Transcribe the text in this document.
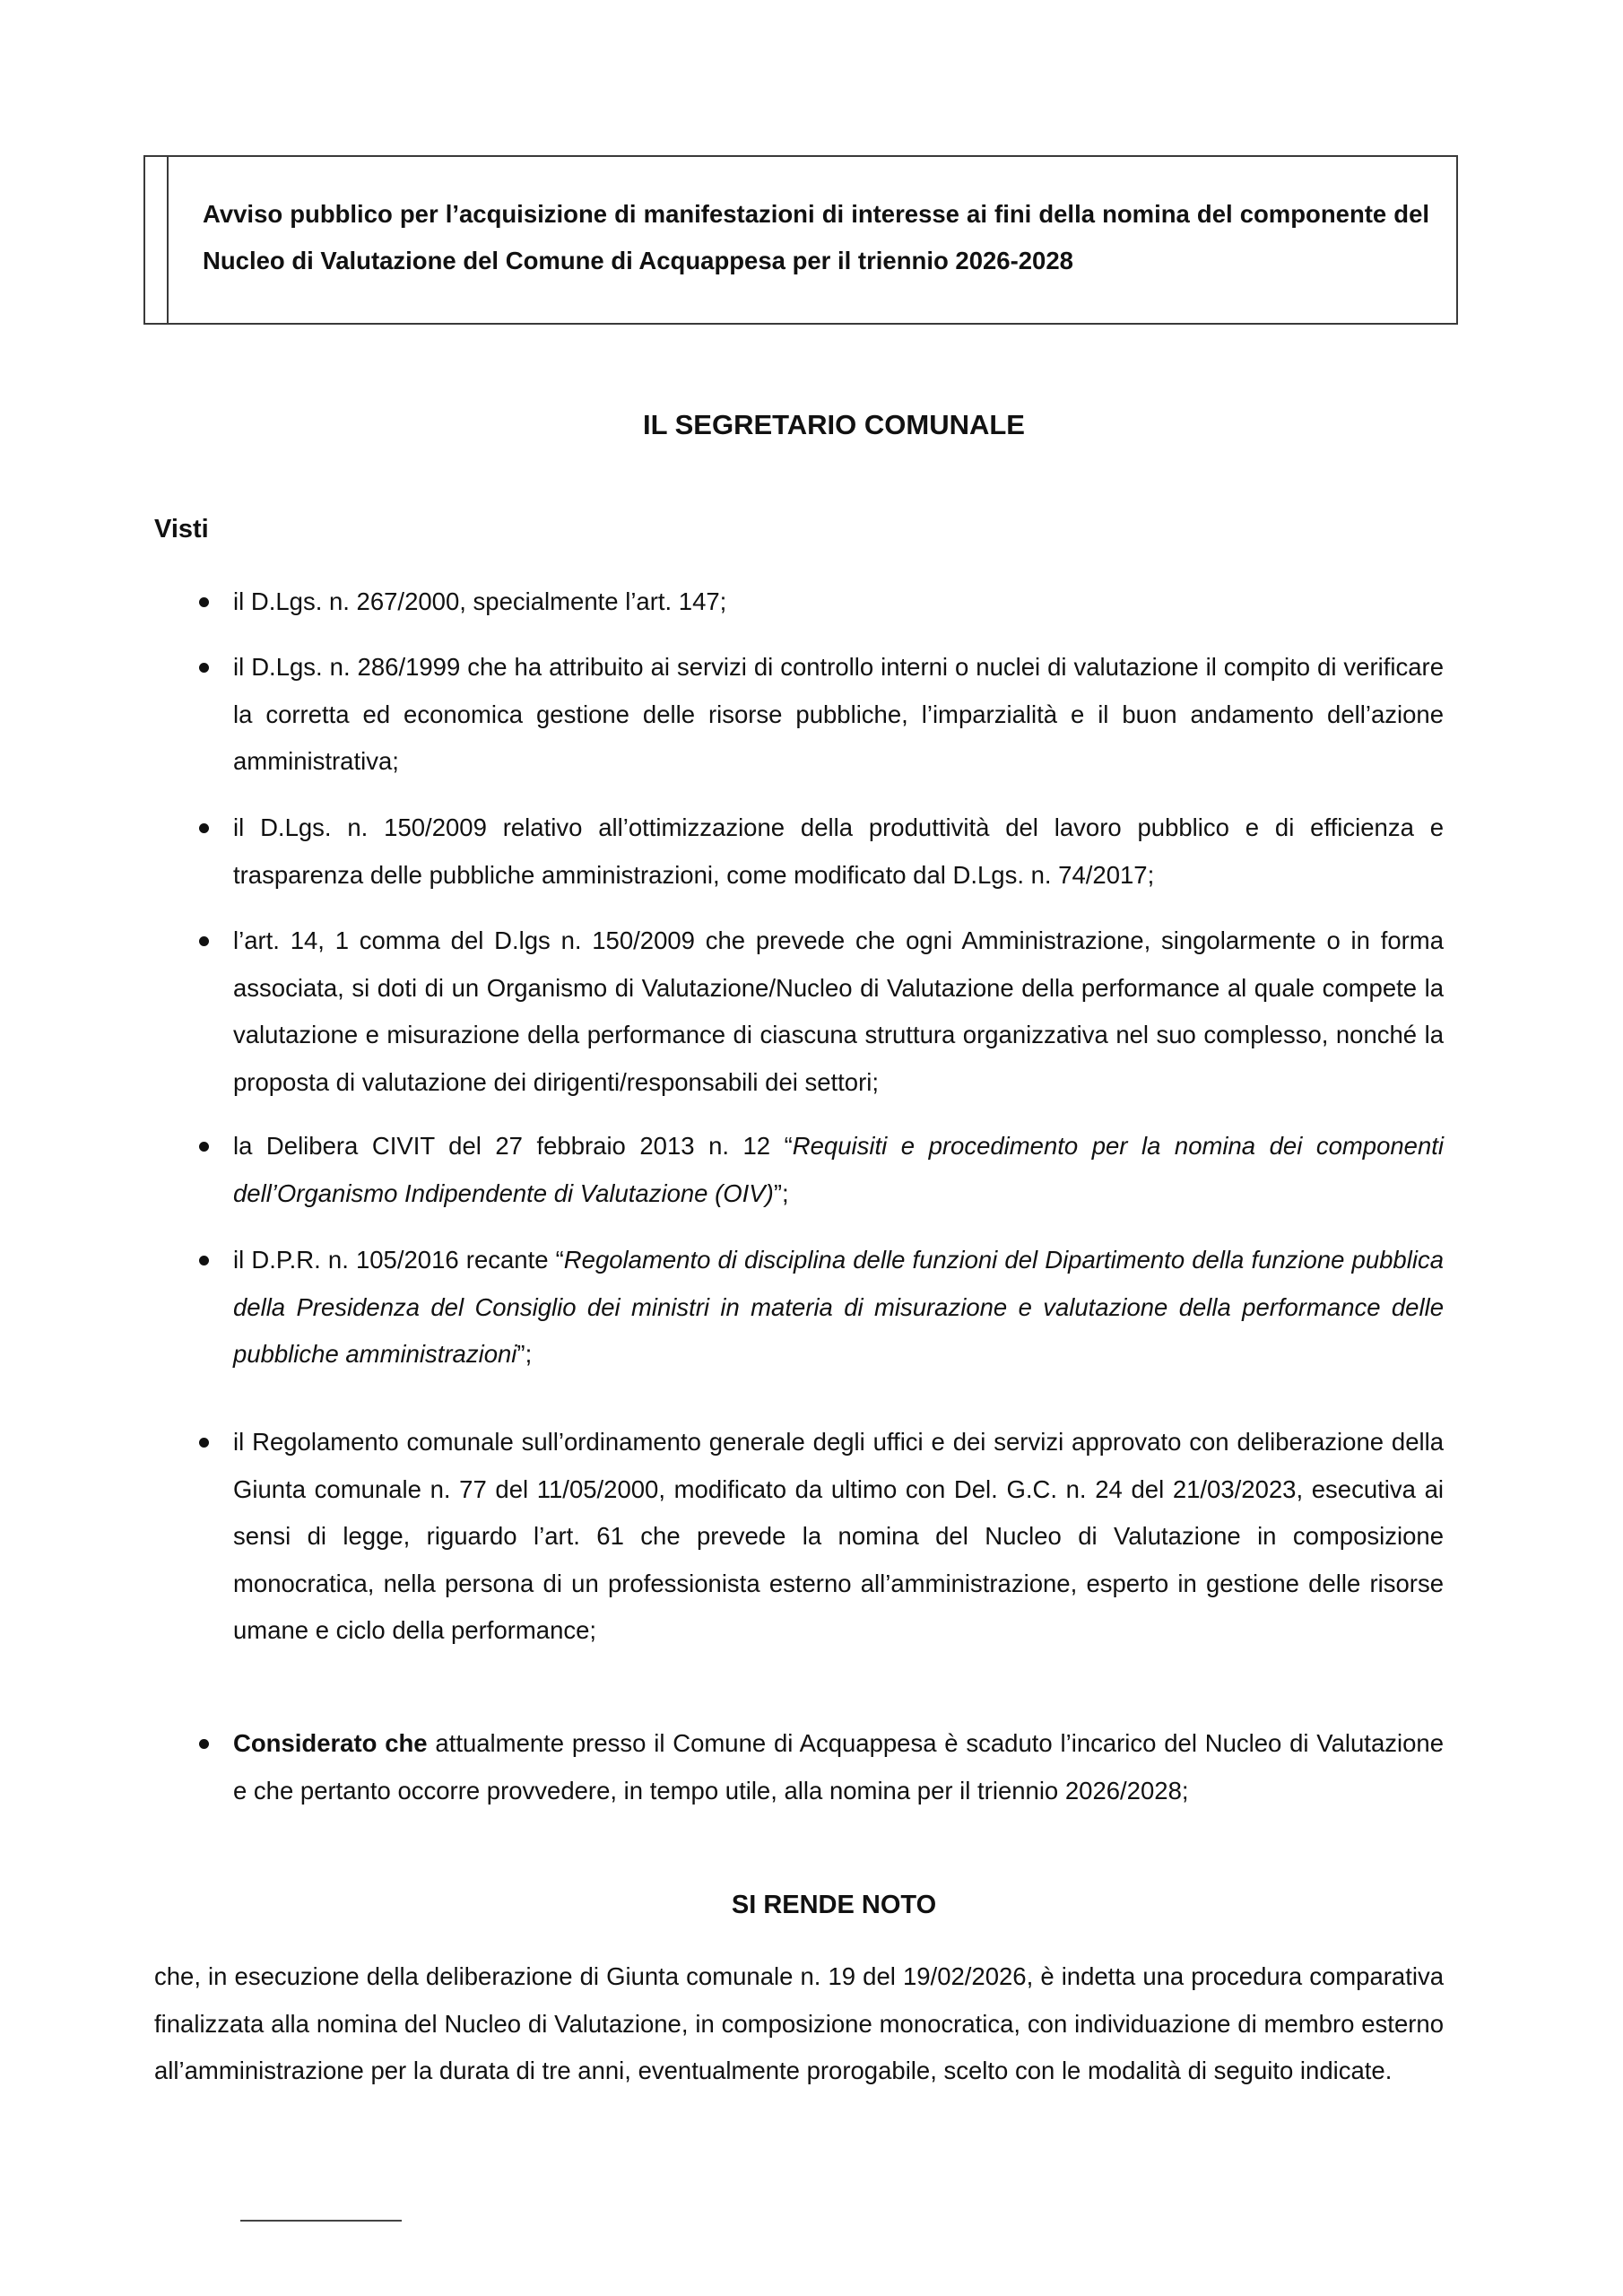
Avviso pubblico per l’acquisizione di manifestazioni di interesse ai fini della nomina del componente del Nucleo di Valutazione del Comune di Acquappesa per il triennio 2026-2028
IL SEGRETARIO COMUNALE
Visti
il D.Lgs. n. 267/2000, specialmente l’art. 147;
il D.Lgs. n. 286/1999 che ha attribuito ai servizi di controllo interni o nuclei di valutazione il compito di verificare la corretta ed economica gestione delle risorse pubbliche, l’imparzialità e il buon andamento dell’azione amministrativa;
il D.Lgs. n. 150/2009 relativo all’ottimizzazione della produttività del lavoro pubblico e di efficienza e trasparenza delle pubbliche amministrazioni, come modificato dal D.Lgs. n. 74/2017;
l’art. 14, 1 comma del D.lgs n. 150/2009 che prevede che ogni Amministrazione, singolarmente o in forma associata, si doti di un Organismo di Valutazione/Nucleo di Valutazione della performance al quale compete la valutazione e misurazione della performance di ciascuna struttura organizzativa nel suo complesso, nonché la proposta di valutazione dei dirigenti/responsabili dei settori;
la Delibera CIVIT del 27 febbraio 2013 n. 12 “Requisiti e procedimento per la nomina dei componenti dell’Organismo Indipendente di Valutazione (OIV)”;
il D.P.R. n. 105/2016 recante “Regolamento di disciplina delle funzioni del Dipartimento della funzione pubblica della Presidenza del Consiglio dei ministri in materia di misurazione e valutazione della performance delle pubbliche amministrazioni”;
il Regolamento comunale sull’ordinamento generale degli uffici e dei servizi approvato con deliberazione della Giunta comunale n. 77 del 11/05/2000, modificato da ultimo con Del. G.C. n. 24 del 21/03/2023, esecutiva ai sensi di legge, riguardo l’art. 61 che prevede la nomina del Nucleo di Valutazione in composizione monocratica, nella persona di un professionista esterno all’amministrazione, esperto in gestione delle risorse umane e ciclo della performance;
Considerato che attualmente presso il Comune di Acquappesa è scaduto l’incarico del Nucleo di Valutazione e che pertanto occorre provvedere, in tempo utile, alla nomina per il triennio 2026/2028;
SI RENDE NOTO

che, in esecuzione della deliberazione di Giunta comunale n. 19 del 19/02/2026, è indetta una procedura comparativa finalizzata alla nomina del Nucleo di Valutazione, in composizione monocratica, con individuazione di membro esterno all’amministrazione per la durata di tre anni, eventualmente prorogabile, scelto con le modalità di seguito indicate.
